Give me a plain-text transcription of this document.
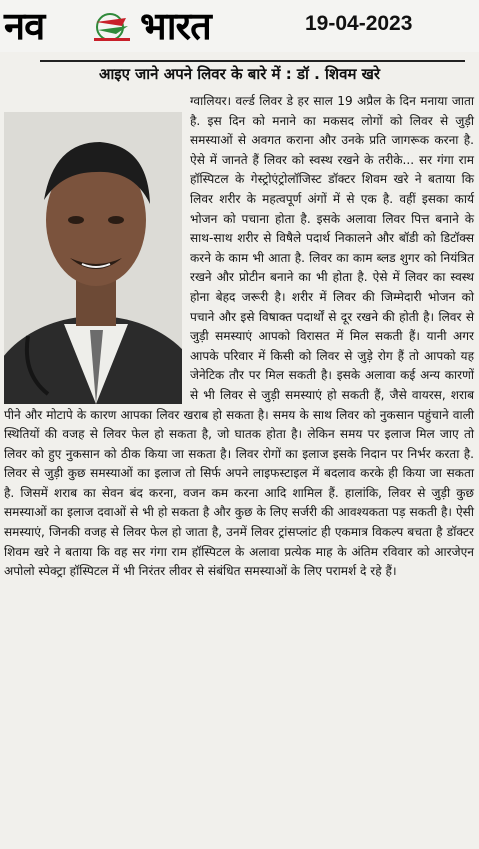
नव	भारत	19-04-2023
आइए जाने अपने लिवर के बारे में : डॉ . शिवम खरे

ग्वालियर। वर्ल्ड लिवर डे हर साल 19 अप्रैल के दिन मनाया जाता है. इस दिन को मनाने का मकसद लोगों को लिवर से जुड़ी समस्याओं से अवगत कराना और उनके प्रति जागरूक करना है. ऐसे में जानते हैं लिवर को स्वस्थ रखने के तरीके... सर गंगा राम हॉस्पिटल के गेस्ट्रोएंट्रोलॉजिस्ट डॉक्टर शिवम खरे ने बताया कि लिवर शरीर के महत्वपूर्ण अंगों में से एक है. वहीं इसका कार्य भोजन को पचाना होता है. इसके अलावा लिवर पित्त बनाने के साथ-साथ शरीर से विषैले पदार्थ निकालने और बॉडी को डिटॉक्स करने के काम भी आता है. लिवर का काम ब्लड शुगर को नियंत्रित रखने और प्रोटीन बनाने का भी होता है. ऐसे में लिवर का स्वस्थ होना बेहद जरूरी है। शरीर में लिवर की जिम्मेदारी भोजन को पचाने और इसे विषाक्त पदार्थों से दूर रखने की होती है। लिवर से जुड़ी समस्याएं आपको विरासत में मिल सकती हैं। यानी अगर आपके परिवार में किसी को लिवर से जुड़े रोग हैं तो आपको यह जेनेटिक तौर पर मिल सकती है। इसके अलावा कई अन्य कारणों से भी लिवर से जुड़ी समस्याएं हो सकती हैं, जैसे वायरस, शराब पीने और मोटापे के कारण आपका लिवर खराब हो सकता है। समय के साथ लिवर को नुकसान पहुंचाने वाली स्थितियों की वजह से लिवर फेल हो सकता है, जो घातक होता है। लेकिन समय पर इलाज मिल जाए तो लिवर को हुए नुकसान को ठीक किया जा सकता है। लिवर रोगों का इलाज इसके निदान पर निर्भर करता है. लिवर से जुड़ी कुछ समस्याओं का इलाज तो सिर्फ अपने लाइफस्टाइल में बदलाव करके ही किया जा सकता है. जिसमें शराब का सेवन बंद करना, वजन कम करना आदि शामिल हैं. हालांकि, लिवर से जुड़ी कुछ समस्याओं का इलाज दवाओं से भी हो सकता है और कुछ के लिए सर्जरी की आवश्यकता पड़ सकती है। ऐसी समस्याएं, जिनकी वजह से लिवर फेल हो जाता है, उनमें लिवर ट्रांसप्लांट ही एकमात्र विकल्प बचता है डॉक्टर शिवम खरे ने बताया कि वह सर गंगा राम हॉस्पिटल के अलावा प्रत्येक माह के अंतिम रविवार को आरजेएन अपोलो स्पेक्ट्रा हॉस्पिटल में भी निरंतर लीवर से संबंधित समस्याओं के लिए परामर्श दे रहे हैं।
